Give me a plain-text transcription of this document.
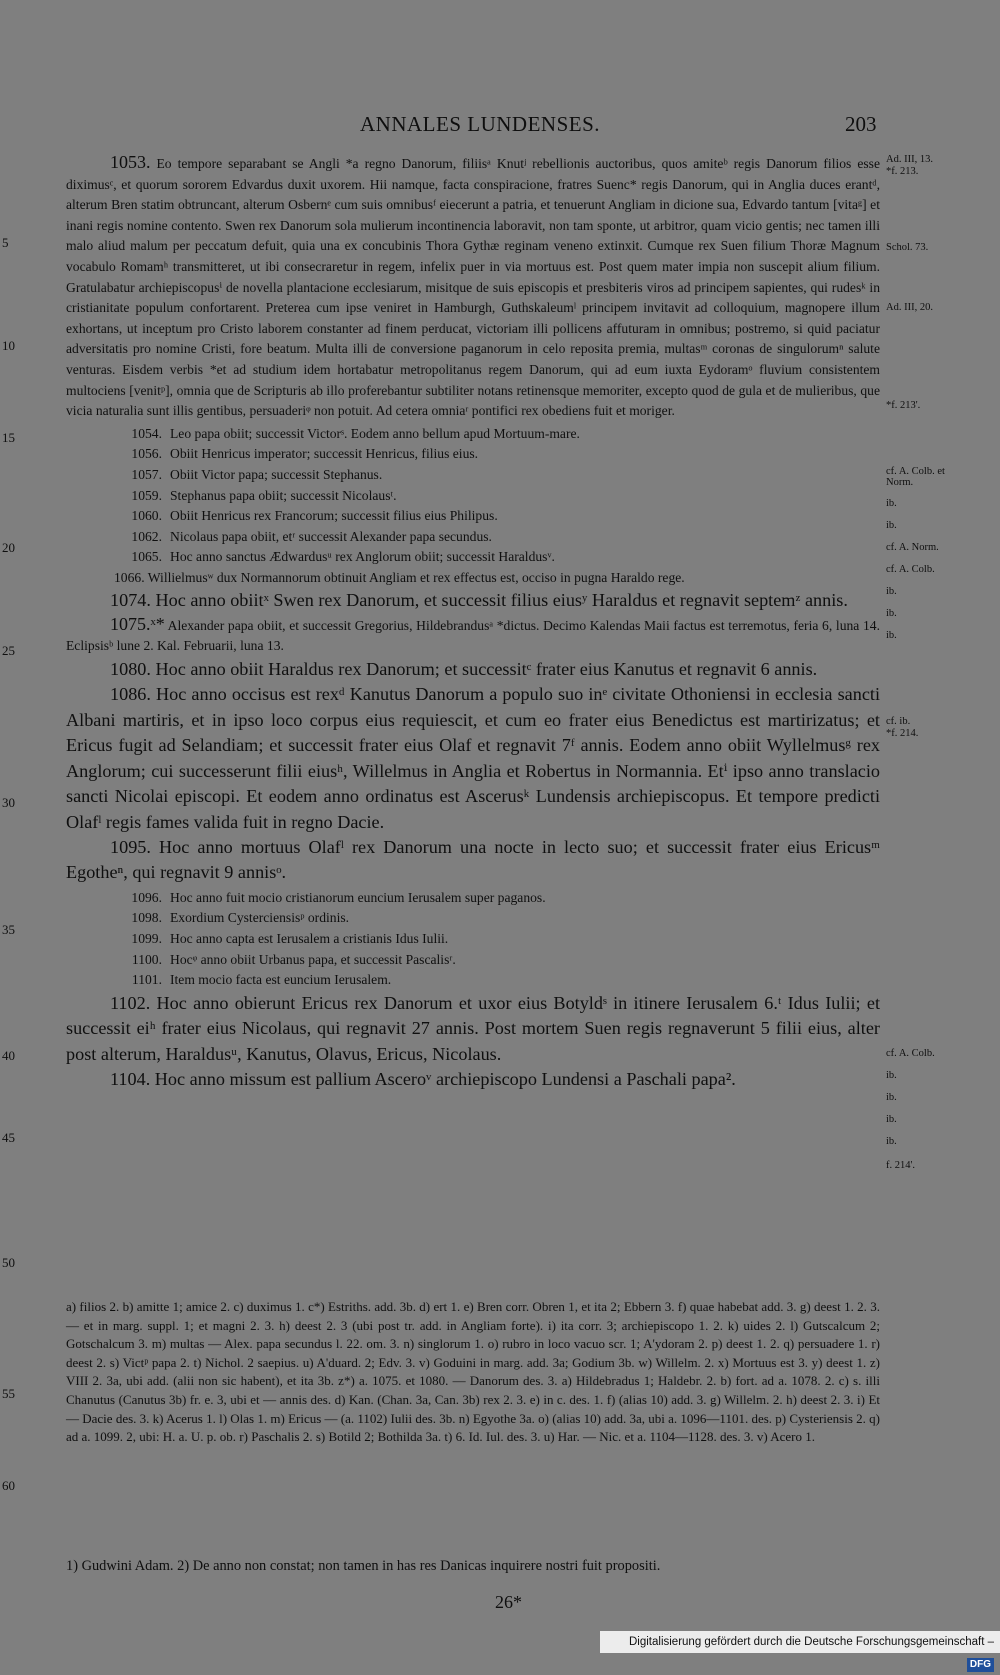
ANNALES LUNDENSES.	203
5
10
15
20
25
30
35
40
45
50
55
60
Ad. III, 13.
*f. 213.
Schol. 73.
Ad. III, 20.
*f. 213'.
cf. A. Colb. et Norm.
ib.
ib.
cf. A. Norm.
cf. A. Colb.
ib.
ib.
ib.
cf. ib.
*f. 214.
cf. A. Colb.
ib.
ib.
ib.
ib.
f. 214'.

1053. Eo tempore separabant se Angli *a regno Danorum, filiisᵃ Knutʲ rebellionis auctoribus, quos amiteᵇ regis Danorum filios esse diximusᶜ, et quorum sororem Edvardus duxit uxorem. Hii namque, facta conspiracione, fratres Suenc* regis Danorum, qui in Anglia duces erantᵈ, alterum Bren statim obtruncant, alterum Osbernᵉ cum suis omnibusᶠ eiecerunt a patria, et tenuerunt Angliam in dicione sua, Edvardo tantum [vitaᵍ] et inani regis nomine contento. Swen rex Danorum sola mulierum incontinencia laboravit, non tam sponte, ut arbitror, quam vicio gentis; nec tamen illi malo aliud malum per peccatum defuit, quia una ex concubinis Thora Gythæ reginam veneno extinxit. Cumque rex Suen filium Thoræ Magnum vocabulo Romamʰ transmitteret, ut ibi consecraretur in regem, infelix puer in via mortuus est. Post quem mater impia non suscepit alium filium. Gratulabatur archiepiscopusⁱ de novella plantacione ecclesiarum, misitque de suis episcopis et presbiteris viros ad principem sapientes, qui rudesᵏ in cristianitate populum confortarent. Preterea cum ipse veniret in Hamburgh, Guthskaleumˡ principem invitavit ad colloquium, magnopere illum exhortans, ut inceptum pro Cristo laborem constanter ad finem perducat, victoriam illi pollicens affuturam in omnibus; postremo, si quid paciatur adversitatis pro nomine Cristi, fore beatum. Multa illi de conversione paganorum in celo reposita premia, multasᵐ coronas de singulorumⁿ salute venturas. Eisdem verbis *et ad studium idem hortabatur metropolitanus regem Danorum, qui ad eum iuxta Eydoramᵒ fluvium consistentem multociens [venitᵖ], omnia que de Scripturis ab illo proferebantur subtiliter notans retinensque memoriter, excepto quod de gula et de mulieribus, que vicia naturalia sunt illis gentibus, persuaderiᵠ non potuit. Ad cetera omniaʳ pontifici rex obediens fuit et moriger.

1054. Leo papa obiit; successit Victorˢ. Eodem anno bellum apud Mortuum-mare.
1056. Obiit Henricus imperator; successit Henricus, filius eius.
1057. Obiit Victor papa; successit Stephanus.
1059. Stephanus papa obiit; successit Nicolausᵗ.
1060. Obiit Henricus rex Francorum; successit filius eius Philipus.
1062. Nicolaus papa obiit, etʳ successit Alexander papa secundus.
1065. Hoc anno sanctus Ædwardusᵘ rex Anglorum obiit; successit Haraldusᵛ.

1066. Willielmusʷ dux Normannorum obtinuit Angliam et rex effectus est, occiso in pugna Haraldo rege.

1074. Hoc anno obiitˣ Swen rex Danorum, et successit filius eiusʸ Haraldus et regnavit septemᶻ annis.

1075.ˣ* Alexander papa obiit, et successit Gregorius, Hildebrandusᵃ *dictus. Decimo Kalendas Maii factus est terremotus, feria 6, luna 14. Eclipsisᵇ lune 2. Kal. Februarii, luna 13.

1080. Hoc anno obiit Haraldus rex Danorum; et successitᶜ frater eius Kanutus et regnavit 6 annis.

1086. Hoc anno occisus est rexᵈ Kanutus Danorum a populo suo inᵉ civitate Othoniensi in ecclesia sancti Albani martiris, et in ipso loco corpus eius requiescit, et cum eo frater eius Benedictus est martirizatus; et Ericus fugit ad Selandiam; et successit frater eius Olaf et regnavit 7ᶠ annis. Eodem anno obiit Wyllelmusᵍ rex Anglorum; cui successerunt filii eiusʰ, Willelmus in Anglia et Robertus in Normannia. Etⁱ ipso anno translacio sancti Nicolai episcopi. Et eodem anno ordinatus est Ascerusᵏ Lundensis archiepiscopus. Et tempore predicti Olafˡ regis fames valida fuit in regno Dacie.

1095. Hoc anno mortuus Olafˡ rex Danorum una nocte in lecto suo; et successit frater eius Ericusᵐ Egotheⁿ, qui regnavit 9 annisᵒ.

1096. Hoc anno fuit mocio cristianorum euncium Ierusalem super paganos.
1098. Exordium Cysterciensisᵖ ordinis.
1099. Hoc anno capta est Ierusalem a cristianis Idus Iulii.
1100. Hocᵠ anno obiit Urbanus papa, et successit Pascalisʳ.
1101. Item mocio facta est euncium Ierusalem.

1102. Hoc anno obierunt Ericus rex Danorum et uxor eius Botyldˢ in itinere Ierusalem 6.ᵗ Idus Iulii; et successit eiʰ frater eius Nicolaus, qui regnavit 27 annis. Post mortem Suen regis regnaverunt 5 filii eius, alter post alterum, Haraldusᵘ, Kanutus, Olavus, Ericus, Nicolaus.

1104. Hoc anno missum est pallium Asceroᵛ archiepiscopo Lundensi a Paschali papa².

a) filios 2. b) amitte 1; amice 2. c) duximus 1. c*) Estriths. add. 3b. d) ert 1. e) Bren corr. Obren 1, et ita 2; Ebbern 3. f) quae habebat add. 3. g) deest 1. 2. 3. — et in marg. suppl. 1; et magni 2. 3. h) deest 2. 3 (ubi post tr. add. in Angliam forte). i) ita corr. 3; archiepiscopo 1. 2. k) uides 2. l) Gutscalcum 2; Gotschalcum 3. m) multas — Alex. papa secundus l. 22. om. 3. n) singlorum 1. o) rubro in loco vacuo scr. 1; A'ydoram 2. p) deest 1. 2. q) persuadere 1. r) deest 2. s) Victᵖ papa 2. t) Nichol. 2 saepius. u) A'duard. 2; Edv. 3. v) Goduini in marg. add. 3a; Godium 3b. w) Willelm. 2. x) Mortuus est 3. y) deest 1. z) VIII 2. 3a, ubi add. (alii non sic habent), et ita 3b. z*) a. 1075. et 1080. — Danorum des. 3. a) Hildebradus 1; Haldebr. 2. b) fort. ad a. 1078. 2. c) s. illi Chanutus (Canutus 3b) fr. e. 3, ubi et — annis des. d) Kan. (Chan. 3a, Can. 3b) rex 2. 3. e) in c. des. 1. f) (alias 10) add. 3. g) Willelm. 2. h) deest 2. 3. i) Et — Dacie des. 3. k) Acerus 1. l) Olas 1. m) Ericus — (a. 1102) Iulii des. 3b. n) Egyothe 3a. o) (alias 10) add. 3a, ubi a. 1096—1101. des. p) Cysteriensis 2. q) ad a. 1099. 2, ubi: H. a. U. p. ob. r) Paschalis 2. s) Botild 2; Bothilda 3a. t) 6. Id. Iul. des. 3. u) Har. — Nic. et a. 1104—1128. des. 3. v) Acero 1.
1) Gudwini Adam. 2) De anno non constat; non tamen in has res Danicas inquirere nostri fuit propositi.
26*
Digitalisierung gefördert durch die Deutsche Forschungsgemeinschaft –DFG
